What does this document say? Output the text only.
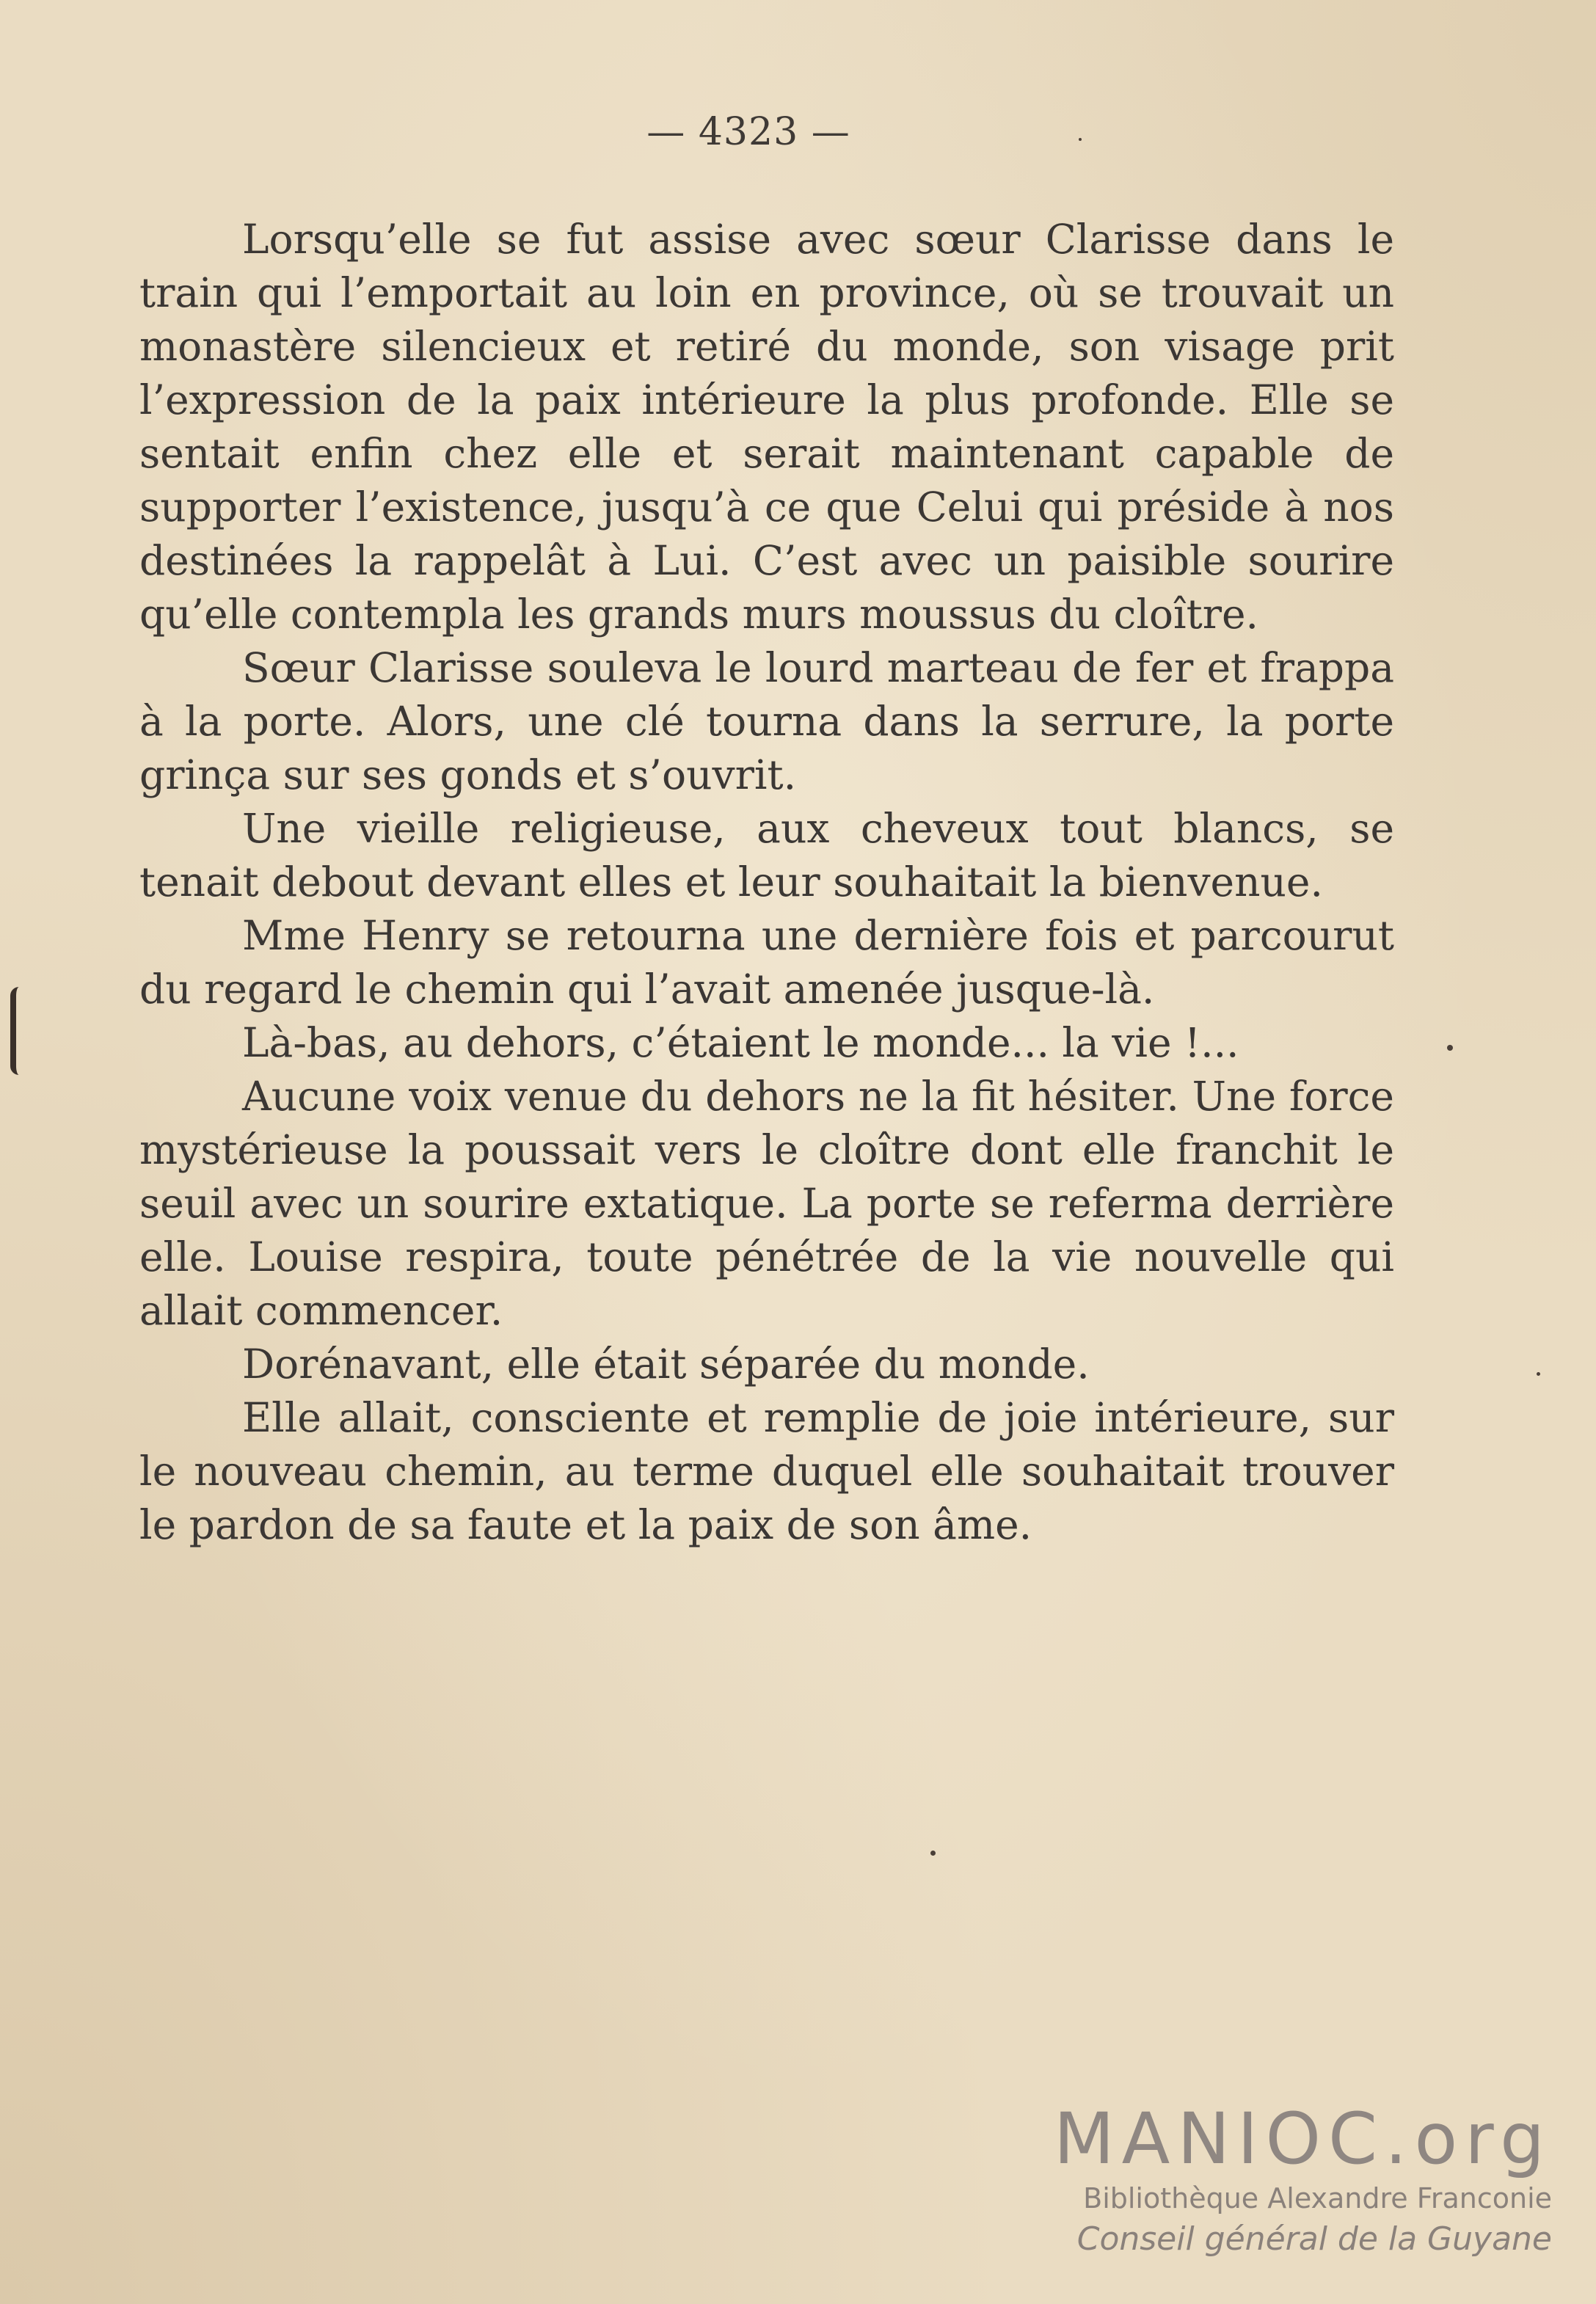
— 4323 —

Lorsqu’elle se fut assise avec sœur Clarisse dans le train qui l’emportait au loin en province, où se trouvait un monastère silencieux et retiré du monde, son visage prit l’expression de la paix intérieure la plus profonde. Elle se sentait enfin chez elle et serait maintenant capable de supporter l’existence, jusqu’à ce que Celui qui préside à nos destinées la rappelât à Lui. C’est avec un paisible sourire qu’elle contempla les grands murs moussus du cloître.

Sœur Clarisse souleva le lourd marteau de fer et frappa à la porte. Alors, une clé tourna dans la serrure, la porte grinça sur ses gonds et s’ouvrit.

Une vieille religieuse, aux cheveux tout blancs, se tenait debout devant elles et leur souhaitait la bienvenue.

Mme Henry se retourna une dernière fois et parcourut du regard le chemin qui l’avait amenée jusque-là.

Là-bas, au dehors, c’étaient le monde... la vie !...

Aucune voix venue du dehors ne la fit hésiter. Une force mystérieuse la poussait vers le cloître dont elle franchit le seuil avec un sourire extatique. La porte se referma derrière elle. Louise respira, toute pénétrée de la vie nouvelle qui allait commencer.

Dorénavant, elle était séparée du monde.

Elle allait, consciente et remplie de joie intérieure, sur le nouveau chemin, au terme duquel elle souhaitait trouver le pardon de sa faute et la paix de son âme.

MANIOC.org
Bibliothèque Alexandre Franconie
Conseil général de la Guyane
